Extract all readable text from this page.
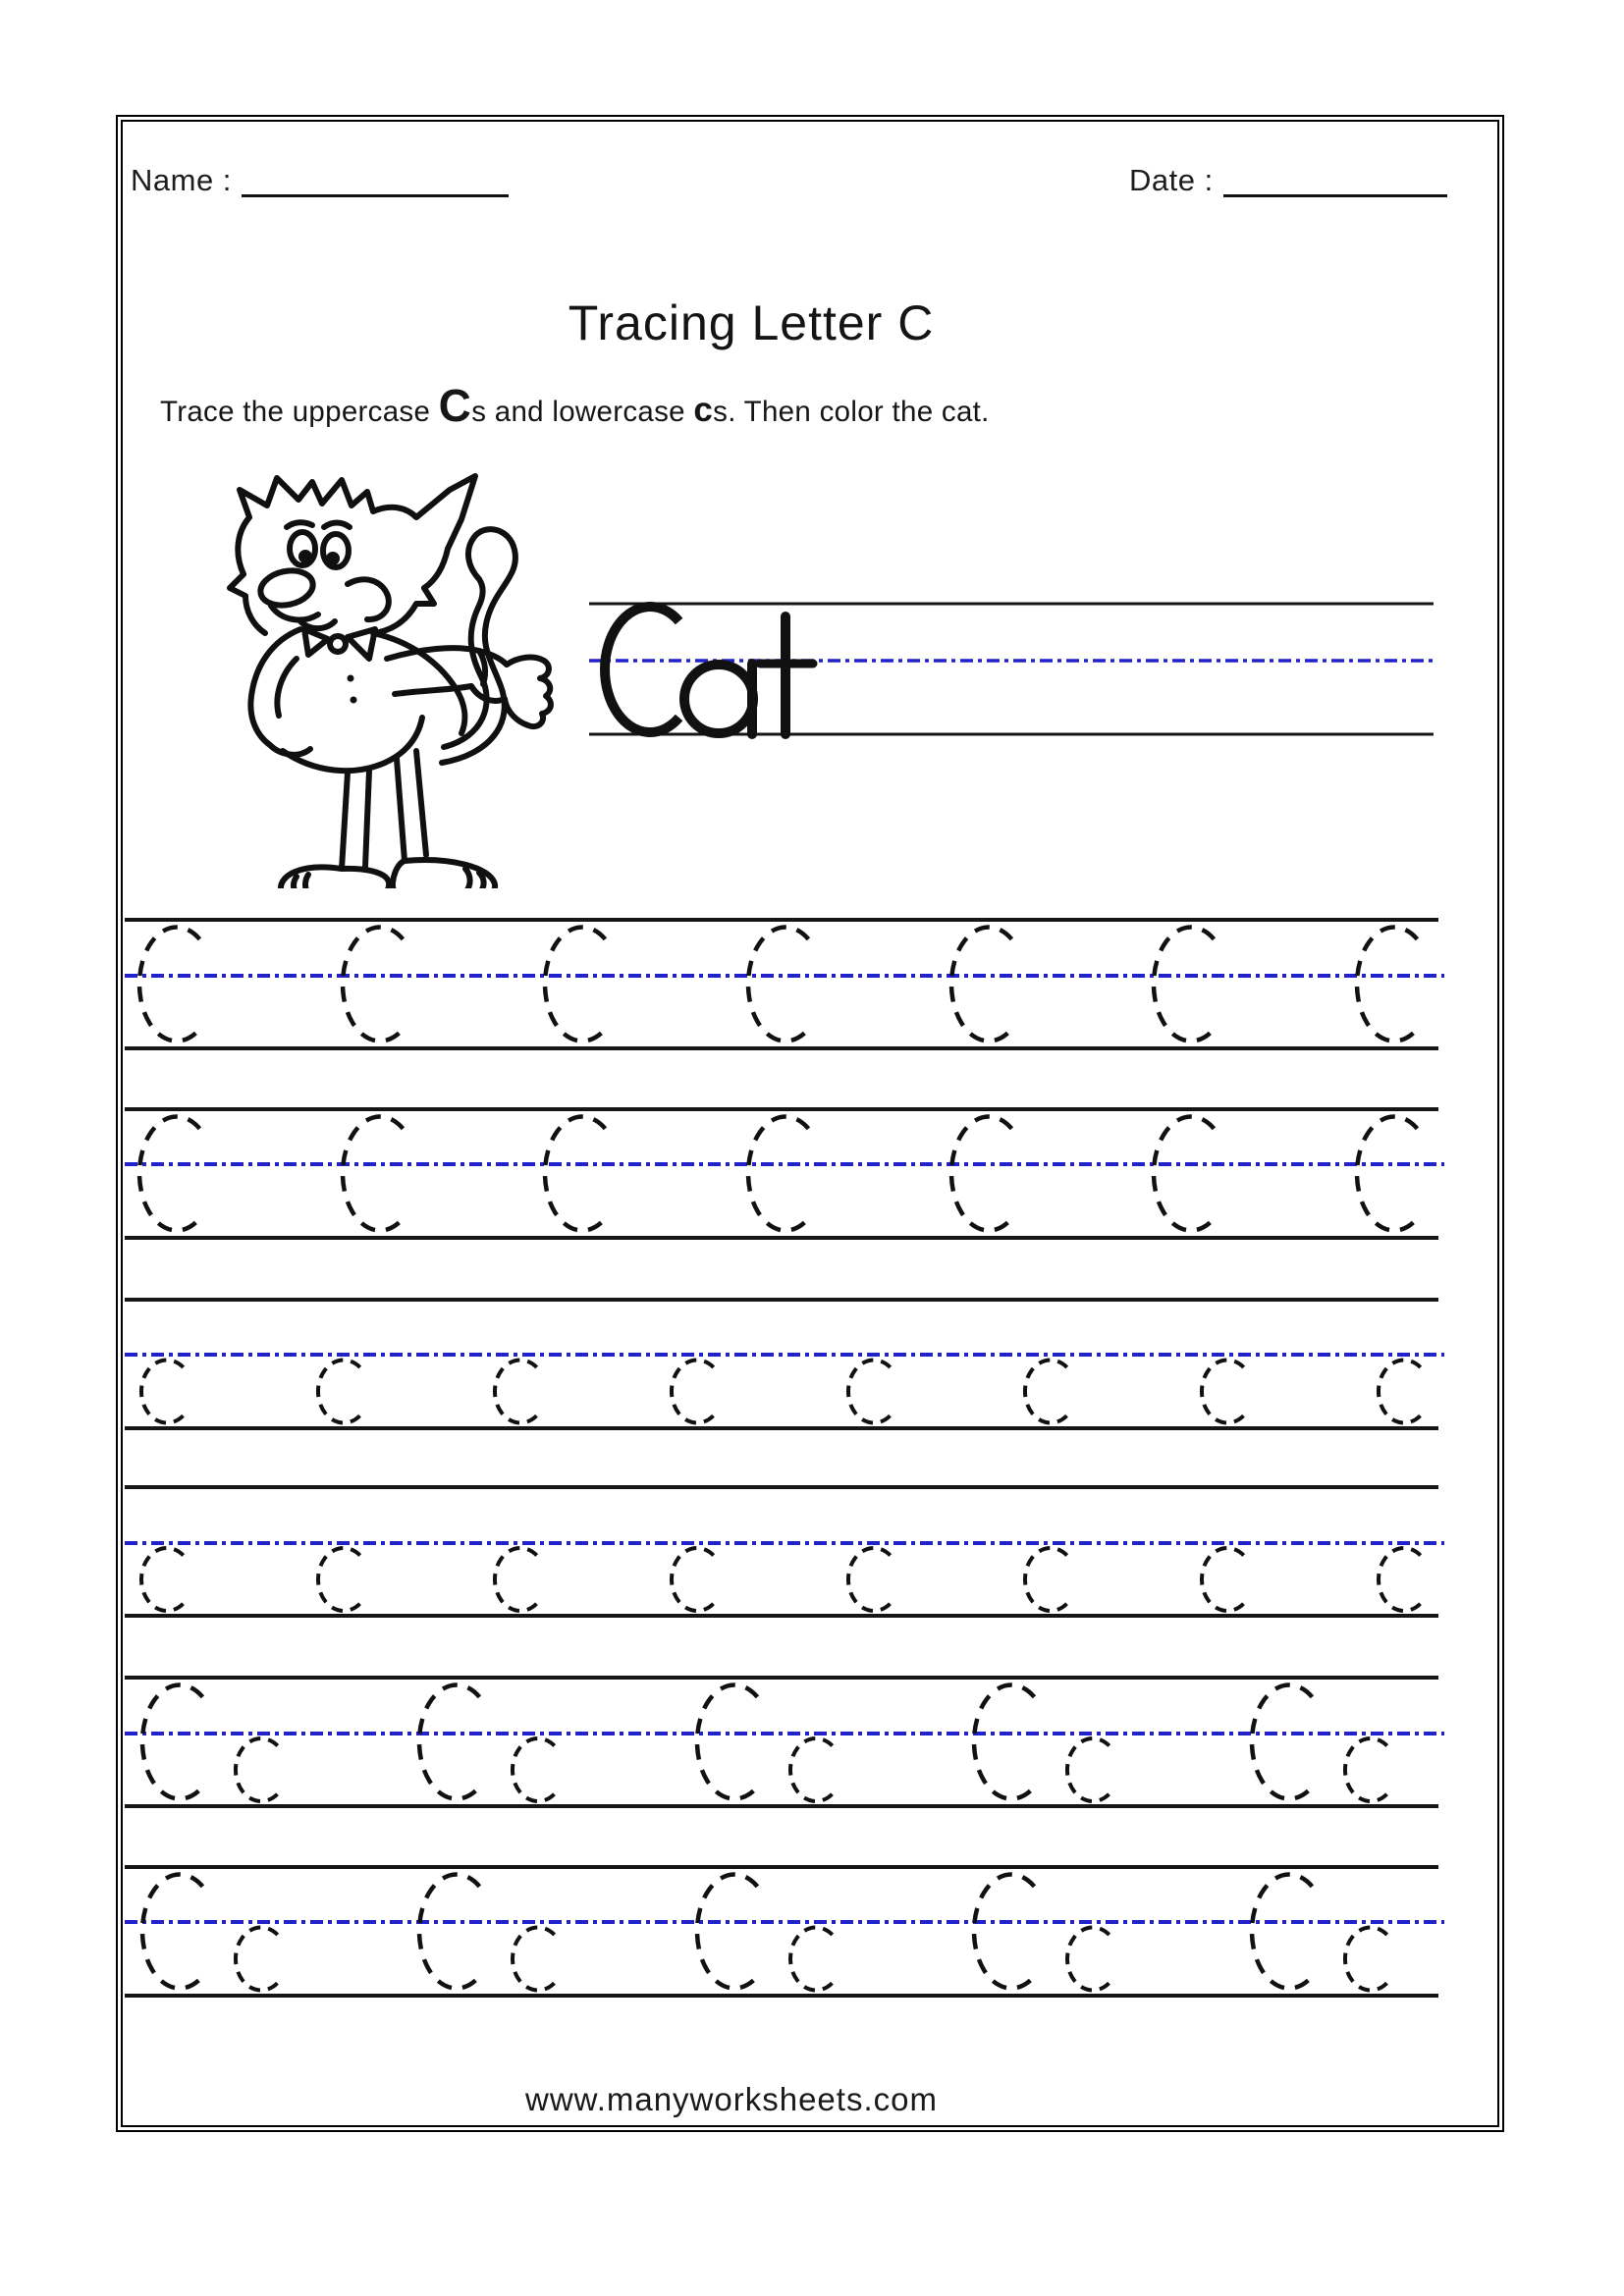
Name :	Date :
Tracing Letter C
Trace the uppercase C s and lowercase c s. Then color the cat.
www.manyworksheets.com
